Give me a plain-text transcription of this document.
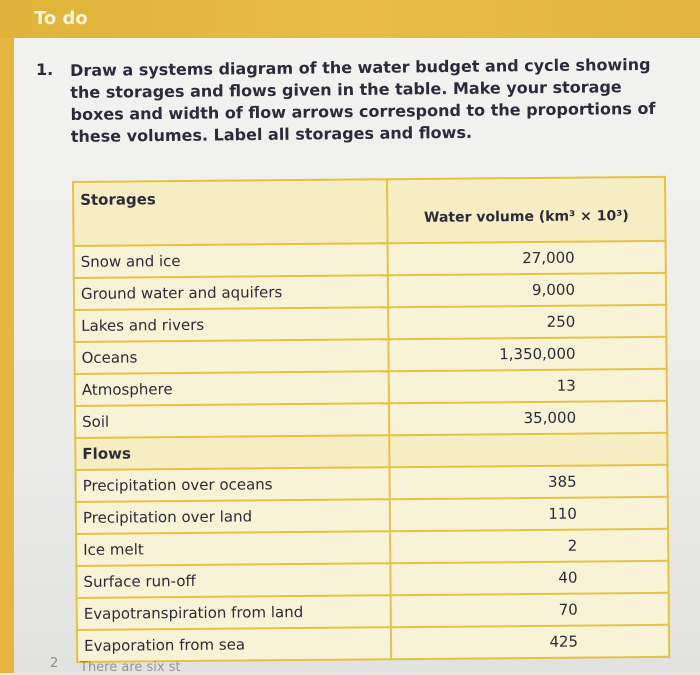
To do
1. Draw a systems diagram of the water budget and cycle showing the storages and flows given in the table. Make your storage boxes and width of flow arrows correspond to the proportions of these volumes. Label all storages and flows.
Storages	Water volume (km³ × 10³)
Snow and ice	27,000
Ground water and aquifers	9,000
Lakes and rivers	250
Oceans	1,350,000
Atmosphere	13
Soil	35,000
Flows	
Precipitation over oceans	385
Precipitation over land	110
Ice melt	2
Surface run-off	40
Evapotranspiration from land	70
Evaporation from sea	425
2 There are six st
